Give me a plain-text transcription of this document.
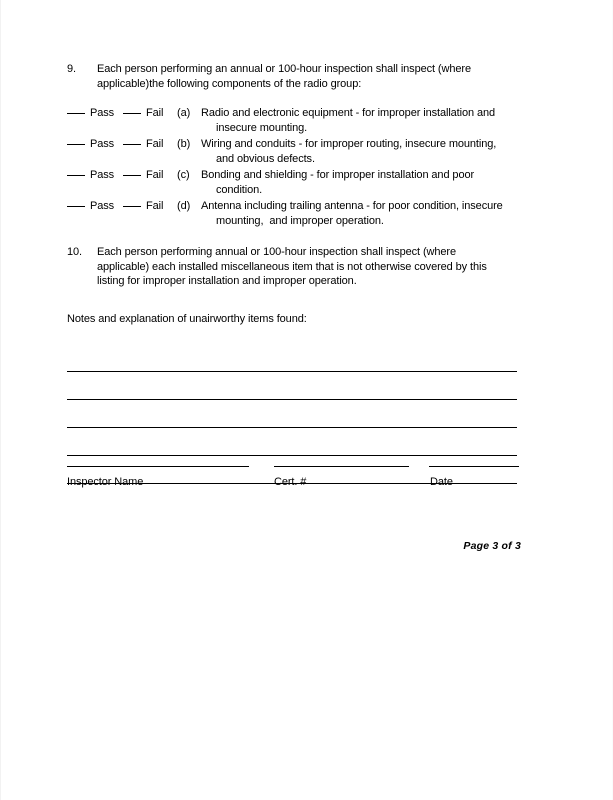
9.	Each person performing an annual or 100-hour inspection shall inspect (where
applicable)the following components of the radio group:
Pass	Fail (a) Radio and electronic equipment - for improper installation and
insecure mounting.
Pass	Fail (b) Wiring and conduits - for improper routing, insecure mounting,
and obvious defects.
Pass	Fail (c)	Bonding and shielding - for improper installation and poor
condition.
Pass	Fail (d) Antenna including trailing antenna - for poor condition, insecure
mounting,  and improper operation.
10.	Each person performing annual or 100-hour inspection shall inspect (where
applicable) each installed miscellaneous item that is not otherwise covered by this
listing for improper installation and improper operation.
Notes and explanation of unairworthy items found:
Inspector Name	Cert. #	Date
Page 3 of 3
